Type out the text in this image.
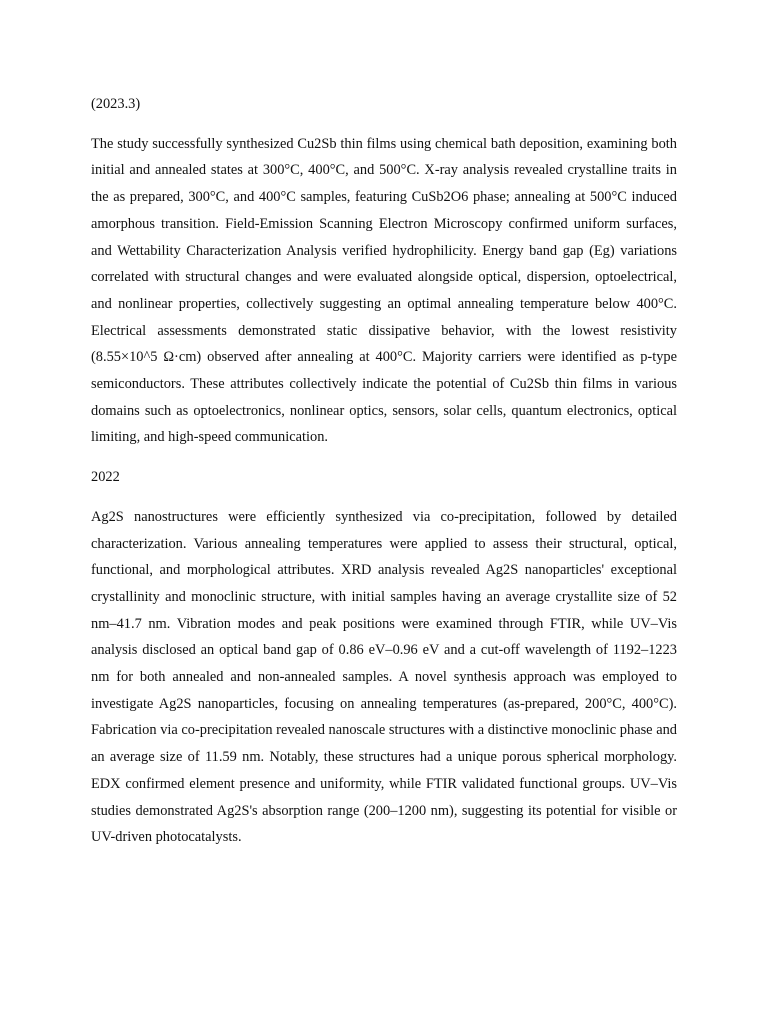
(2023.3)

The study successfully synthesized Cu2Sb thin films using chemical bath deposition, examining both initial and annealed states at 300°C, 400°C, and 500°C. X-ray analysis revealed crystalline traits in the as prepared, 300°C, and 400°C samples, featuring CuSb2O6 phase; annealing at 500°C induced amorphous transition. Field-Emission Scanning Electron Microscopy confirmed uniform surfaces, and Wettability Characterization Analysis verified hydrophilicity. Energy band gap (Eg) variations correlated with structural changes and were evaluated alongside optical, dispersion, optoelectrical, and nonlinear properties, collectively suggesting an optimal annealing temperature below 400°C. Electrical assessments demonstrated static dissipative behavior, with the lowest resistivity (8.55×10^5 Ω·cm) observed after annealing at 400°C. Majority carriers were identified as p-type semiconductors. These attributes collectively indicate the potential of Cu2Sb thin films in various domains such as optoelectronics, nonlinear optics, sensors, solar cells, quantum electronics, optical limiting, and high-speed communication.

2022

Ag2S nanostructures were efficiently synthesized via co-precipitation, followed by detailed characterization. Various annealing temperatures were applied to assess their structural, optical, functional, and morphological attributes. XRD analysis revealed Ag2S nanoparticles' exceptional crystallinity and monoclinic structure, with initial samples having an average crystallite size of 52 nm–41.7 nm. Vibration modes and peak positions were examined through FTIR, while UV–Vis analysis disclosed an optical band gap of 0.86 eV–0.96 eV and a cut-off wavelength of 1192–1223 nm for both annealed and non-annealed samples. A novel synthesis approach was employed to investigate Ag2S nanoparticles, focusing on annealing temperatures (as-prepared, 200°C, 400°C). Fabrication via co-precipitation revealed nanoscale structures with a distinctive monoclinic phase and an average size of 11.59 nm. Notably, these structures had a unique porous spherical morphology. EDX confirmed element presence and uniformity, while FTIR validated functional groups. UV–Vis studies demonstrated Ag2S's absorption range (200–1200 nm), suggesting its potential for visible or UV-driven photocatalysts.
